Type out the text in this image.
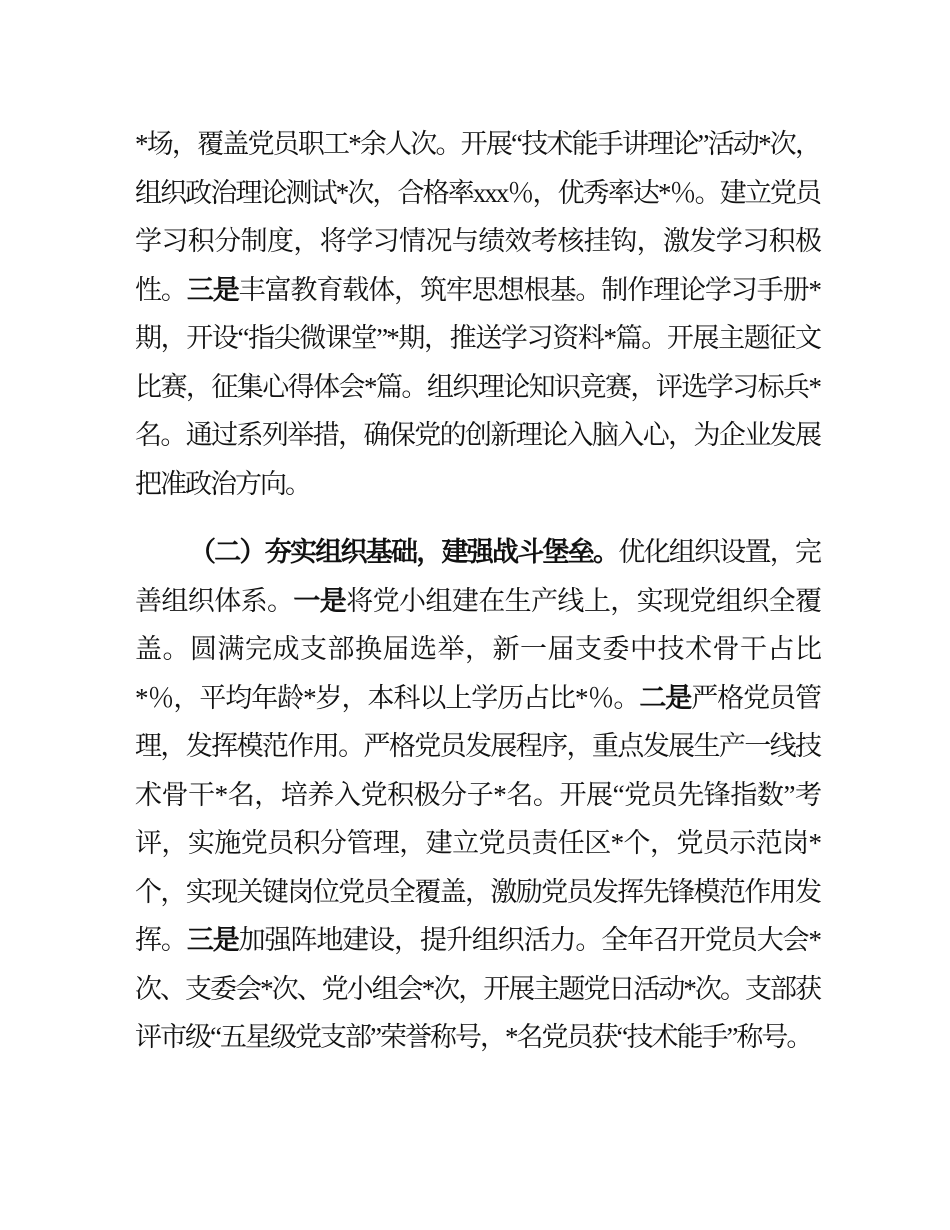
*场，覆盖党员职工*余人次。开展“技术能手讲理论”活动*次，组织政治理论测试*次，合格率xxx％，优秀率达*％。建立党员学习积分制度，将学习情况与绩效考核挂钩，激发学习积极性。三是丰富教育载体，筑牢思想根基。制作理论学习手册*期，开设“指尖微课堂”*期，推送学习资料*篇。开展主题征文比赛，征集心得体会*篇。组织理论知识竞赛，评选学习标兵*名。通过系列举措，确保党的创新理论入脑入心，为企业发展把准政治方向。

（二）夯实组织基础，建强战斗堡垒。优化组织设置，完善组织体系。一是将党小组建在生产线上，实现党组织全覆盖。圆满完成支部换届选举，新一届支委中技术骨干占比*％，平均年龄*岁，本科以上学历占比*％。二是严格党员管理，发挥模范作用。严格党员发展程序，重点发展生产一线技术骨干*名，培养入党积极分子*名。开展“党员先锋指数”考评，实施党员积分管理，建立党员责任区*个，党员示范岗*个，实现关键岗位党员全覆盖，激励党员发挥先锋模范作用发挥。三是加强阵地建设，提升组织活力。全年召开党员大会*次、支委会*次、党小组会*次，开展主题党日活动*次。支部获评市级“五星级党支部”荣誉称号，*名党员获“技术能手”称号。
